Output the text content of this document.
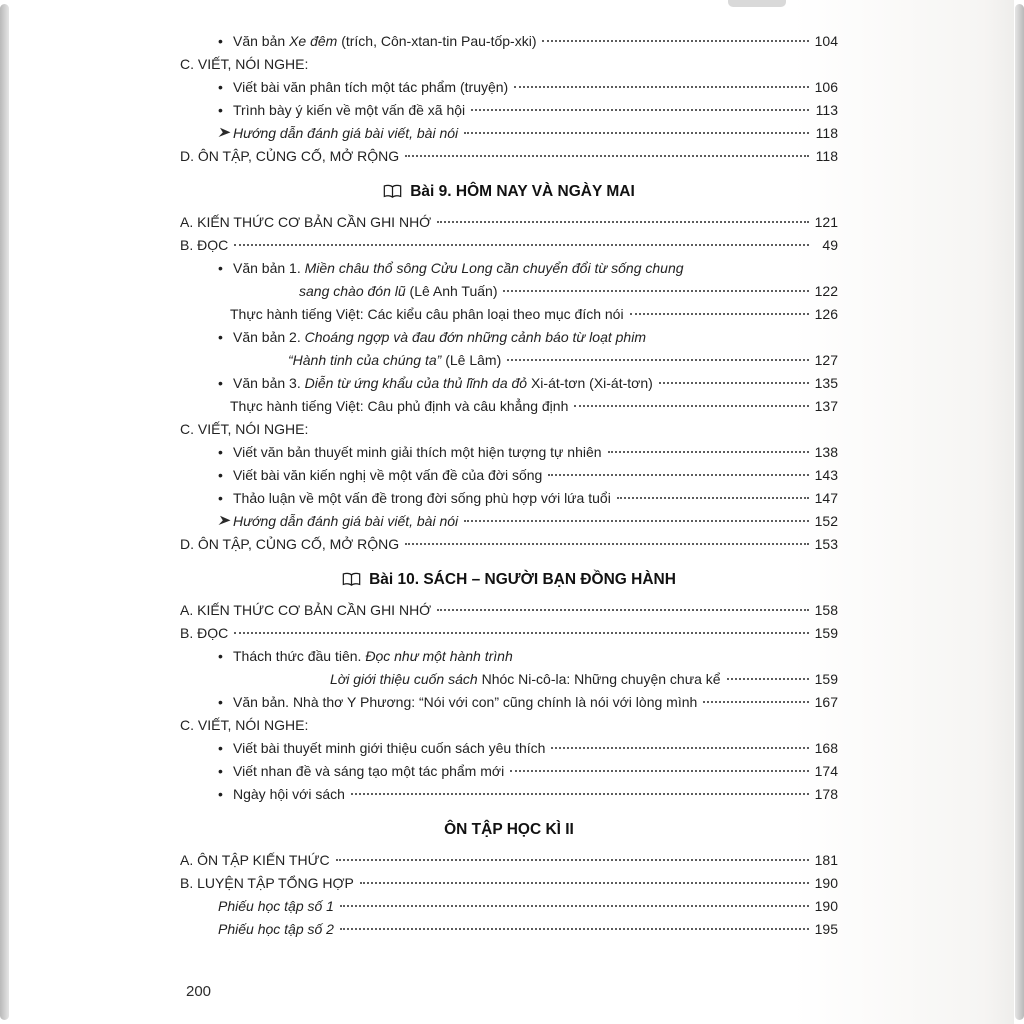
• Văn bản Xe đêm (trích, Côn-xtan-tin Pau-tốp-xki)	104
C. VIẾT, NÓI NGHE:
• Viết bài văn phân tích một tác phẩm (truyện)	106
• Trình bày ý kiến về một vấn đề xã hội	113
Hướng dẫn đánh giá bài viết, bài nói	118
D. ÔN TẬP, CỦNG CỐ, MỞ RỘNG	118
Bài 9. HÔM NAY VÀ NGÀY MAI
A. KIẾN THỨC CƠ BẢN CẦN GHI NHỚ	121
B. ĐỌC	49
• Văn bản 1. Miền châu thổ sông Cửu Long cần chuyển đổi từ sống chung
sang chào đón lũ (Lê Anh Tuấn)	122
Thực hành tiếng Việt: Các kiểu câu phân loại theo mục đích nói	126
• Văn bản 2. Choáng ngợp và đau đớn những cảnh báo từ loạt phim
“Hành tinh của chúng ta” (Lê Lâm)	127
• Văn bản 3. Diễn từ ứng khẩu của thủ lĩnh da đỏ Xi-át-tơn (Xi-át-tơn)	135
Thực hành tiếng Việt: Câu phủ định và câu khẳng định	137
C. VIẾT, NÓI NGHE:
• Viết văn bản thuyết minh giải thích một hiện tượng tự nhiên	138
• Viết bài văn kiến nghị về một vấn đề của đời sống	143
• Thảo luận về một vấn đề trong đời sống phù hợp với lứa tuổi	147
Hướng dẫn đánh giá bài viết, bài nói	152
D. ÔN TẬP, CỦNG CỐ, MỞ RỘNG	153
Bài 10. SÁCH – NGƯỜI BẠN ĐỒNG HÀNH
A. KIẾN THỨC CƠ BẢN CẦN GHI NHỚ	158
B. ĐỌC	159
• Thách thức đầu tiên. Đọc như một hành trình
Lời giới thiệu cuốn sách Nhóc Ni-cô-la: Những chuyện chưa kể	159
• Văn bản. Nhà thơ Y Phương: “Nói với con” cũng chính là nói với lòng mình	167
C. VIẾT, NÓI NGHE:
• Viết bài thuyết minh giới thiệu cuốn sách yêu thích	168
• Viết nhan đề và sáng tạo một tác phẩm mới	174
• Ngày hội với sách	178
ÔN TẬP HỌC KÌ II
A. ÔN TẬP KIẾN THỨC	181
B. LUYỆN TẬP TỔNG HỢP	190
Phiếu học tập số 1	190
Phiếu học tập số 2	195
200
